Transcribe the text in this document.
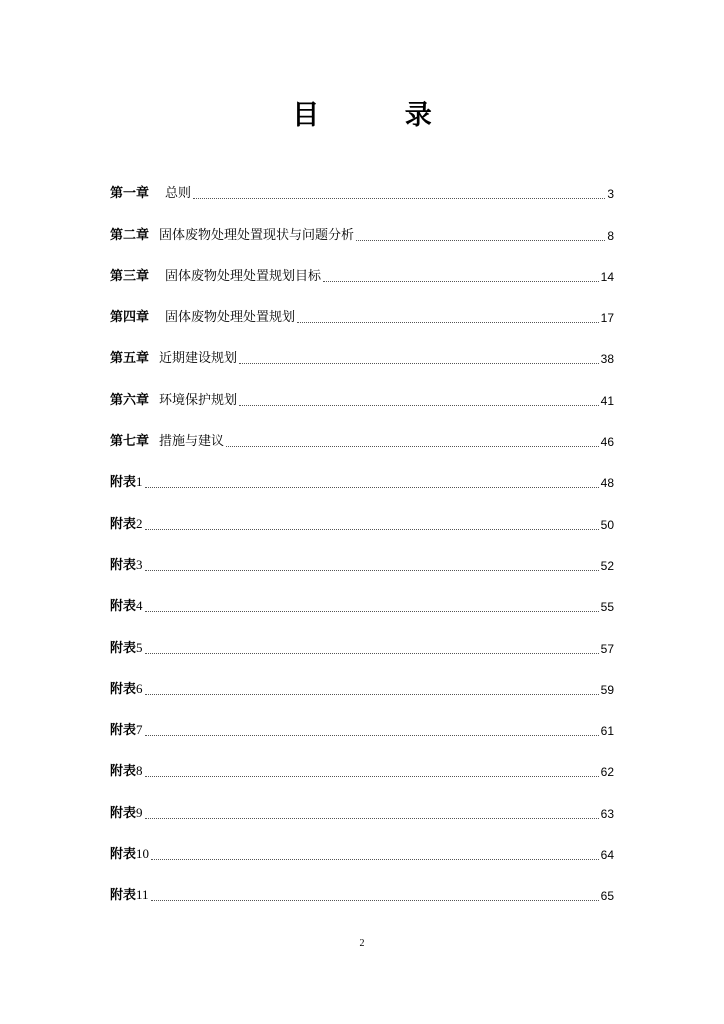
目 录
第一章 总则	3
第二章 固体废物处理处置现状与问题分析	8
第三章 固体废物处理处置规划目标	14
第四章 固体废物处理处置规划	17
第五章 近期建设规划	38
第六章 环境保护规划	41
第七章 措施与建议	46
附表1	48
附表2	50
附表3	52
附表4	55
附表5	57
附表6	59
附表7	61
附表8	62
附表9	63
附表10	64
附表11	65
2
